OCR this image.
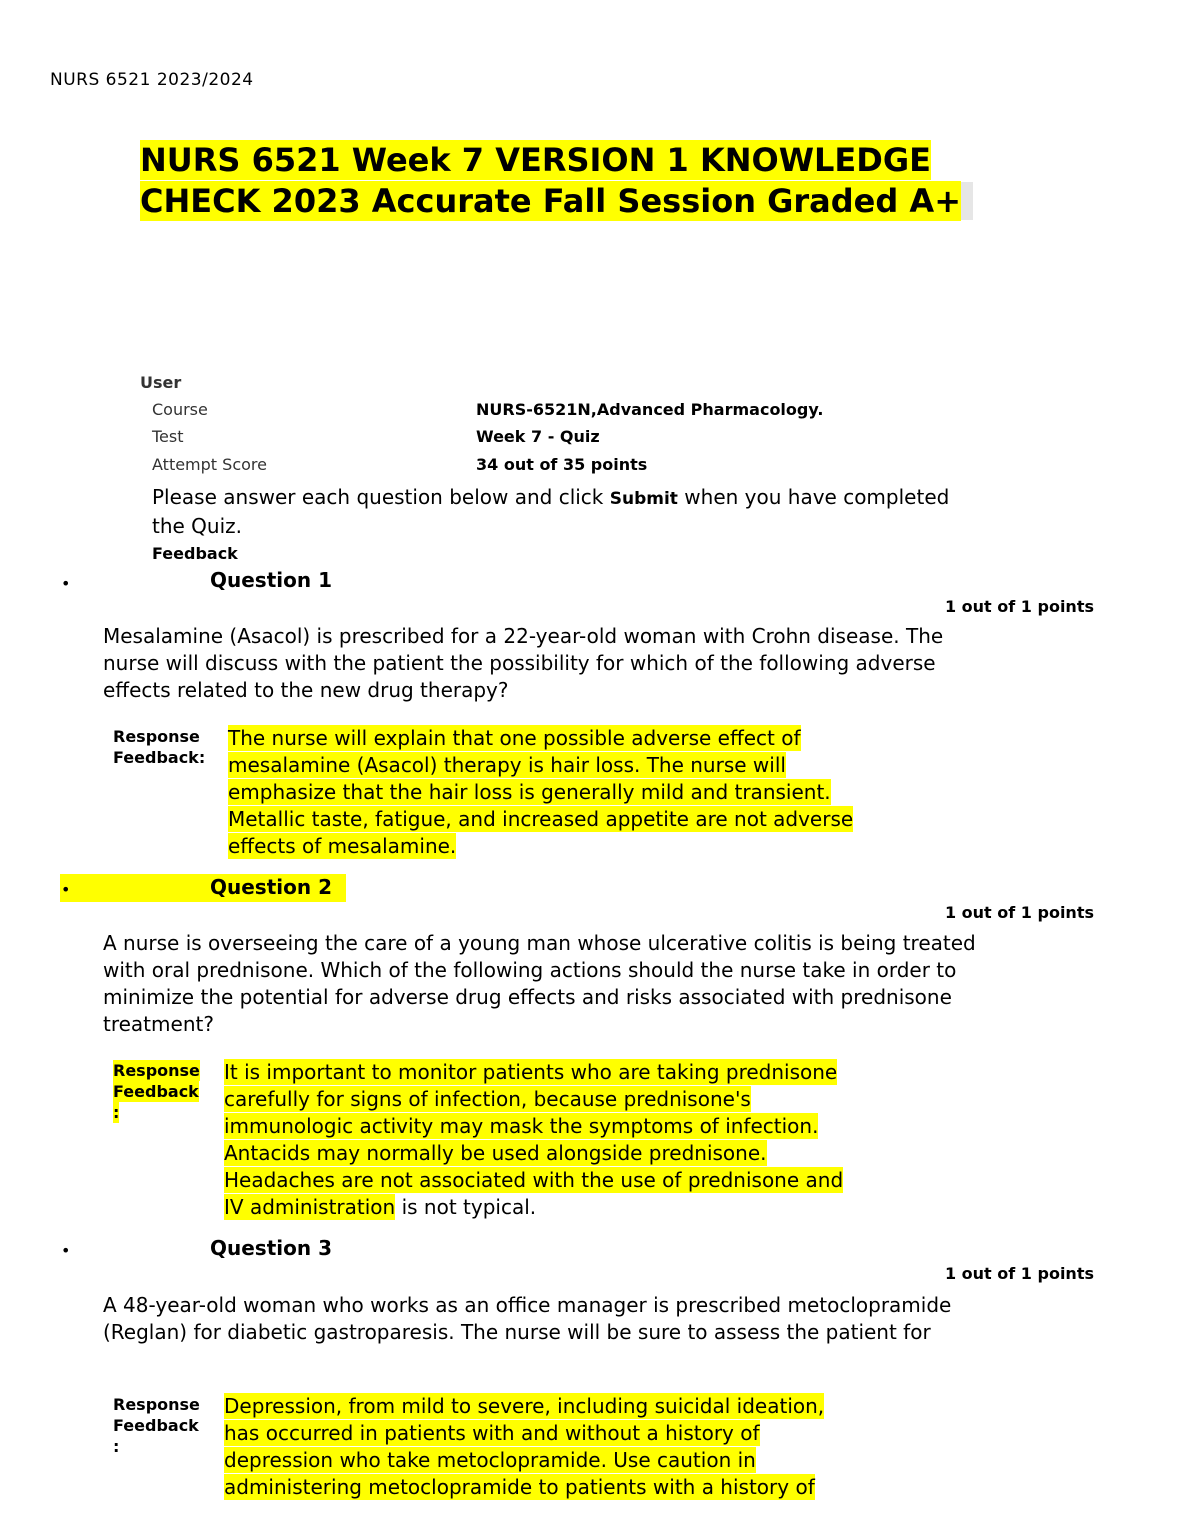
NURS 6521 2023/2024
NURS 6521 Week 7 VERSION 1 KNOWLEDGE
CHECK 2023 Accurate Fall Session Graded A+
User
Course	NURS-6521N,Advanced Pharmacology.
Test	Week 7 - Quiz
Attempt Score	34 out of 35 points
Please answer each question below and click Submit when you have completed the Quiz.
Feedback
•	Question 1
1 out of 1 points
Mesalamine (Asacol) is prescribed for a 22-year-old woman with Crohn disease. The nurse will discuss with the patient the possibility for which of the following adverse effects related to the new drug therapy?
Response
Feedback:
The nurse will explain that one possible adverse effect of
mesalamine (Asacol) therapy is hair loss. The nurse will
emphasize that the hair loss is generally mild and transient.
Metallic taste, fatigue, and increased appetite are not adverse
effects of mesalamine.
•	Question 2
1 out of 1 points
A nurse is overseeing the care of a young man whose ulcerative colitis is being treated with oral prednisone. Which of the following actions should the nurse take in order to minimize the potential for adverse drug effects and risks associated with prednisone treatment?
Response
Feedback
:
It is important to monitor patients who are taking prednisone
carefully for signs of infection, because prednisone's
immunologic activity may mask the symptoms of infection.
Antacids may normally be used alongside prednisone.
Headaches are not associated with the use of prednisone and
IV administration is not typical.
•	Question 3
1 out of 1 points
A 48-year-old woman who works as an office manager is prescribed metoclopramide (Reglan) for diabetic gastroparesis. The nurse will be sure to assess the patient for
Response
Feedback
:
Depression, from mild to severe, including suicidal ideation,
has occurred in patients with and without a history of
depression who take metoclopramide. Use caution in
administering metoclopramide to patients with a history of
